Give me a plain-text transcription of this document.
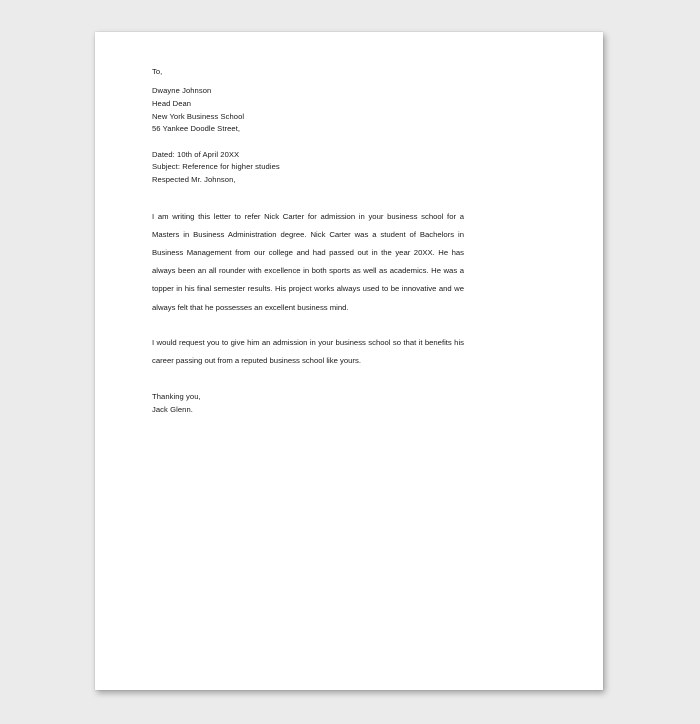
To,
Dwayne Johnson
Head Dean
New York Business School
56 Yankee Doodle Street,
Dated: 10th of April 20XX
Subject: Reference for higher studies
Respected Mr. Johnson,

I am writing this letter to refer Nick Carter for admission in your business school for a Masters in Business Administration degree. Nick Carter was a student of Bachelors in Business Management from our college and had passed out in the year 20XX. He has always been an all rounder with excellence in both sports as well as academics. He was a topper in his final semester results. His project works always used to be innovative and we always felt that he possesses an excellent business mind.

I would request you to give him an admission in your business school so that it benefits his career passing out from a reputed business school like yours.

Thanking you,
Jack Glenn.
